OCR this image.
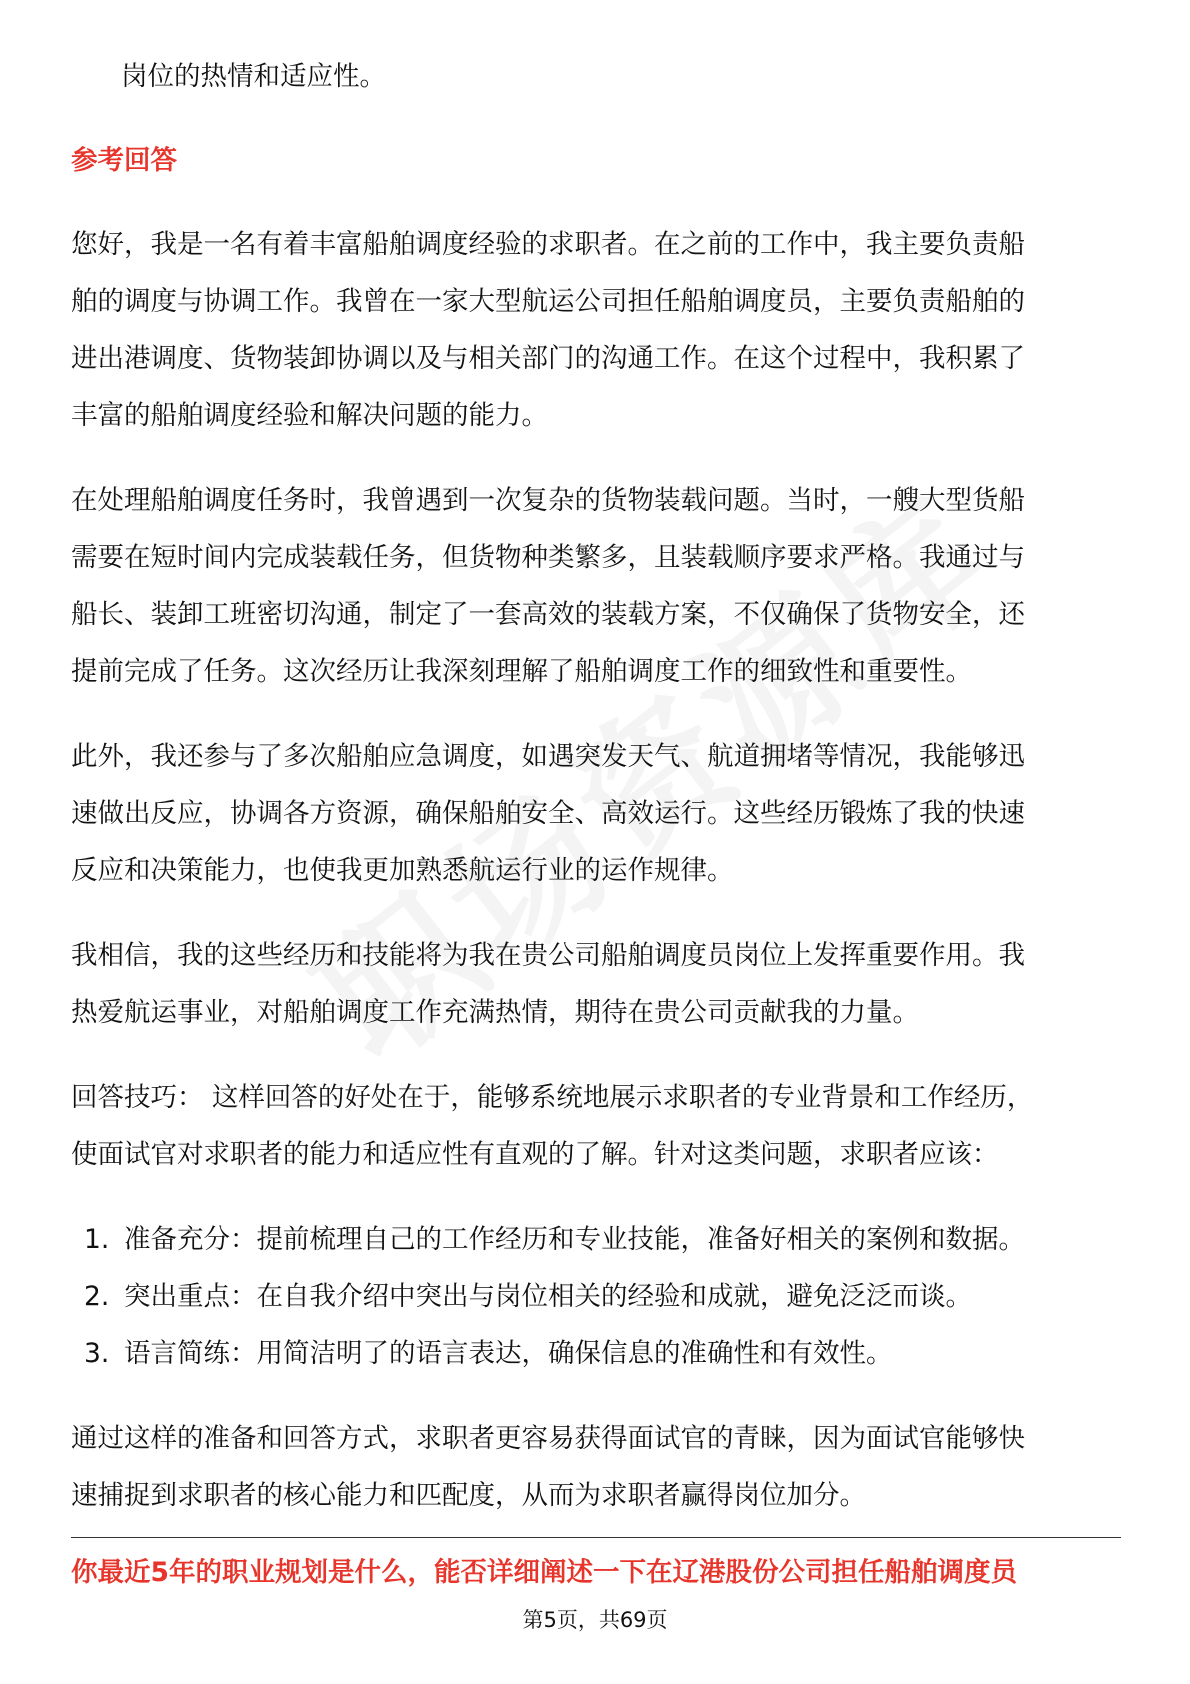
岗位的热情和适应性。
参考回答
您好，我是一名有着丰富船舶调度经验的求职者。在之前的工作中，我主要负责船
舶的调度与协调工作。我曾在一家大型航运公司担任船舶调度员，主要负责船舶的
进出港调度、货物装卸协调以及与相关部门的沟通工作。在这个过程中，我积累了
丰富的船舶调度经验和解决问题的能力。
在处理船舶调度任务时，我曾遇到一次复杂的货物装载问题。当时，一艘大型货船
需要在短时间内完成装载任务，但货物种类繁多，且装载顺序要求严格。我通过与
船长、装卸工班密切沟通，制定了一套高效的装载方案，不仅确保了货物安全，还
提前完成了任务。这次经历让我深刻理解了船舶调度工作的细致性和重要性。
此外，我还参与了多次船舶应急调度，如遇突发天气、航道拥堵等情况，我能够迅
速做出反应，协调各方资源，确保船舶安全、高效运行。这些经历锻炼了我的快速
反应和决策能力，也使我更加熟悉航运行业的运作规律。
我相信，我的这些经历和技能将为我在贵公司船舶调度员岗位上发挥重要作用。我
热爱航运事业，对船舶调度工作充满热情，期待在贵公司贡献我的力量。
回答技巧： 这样回答的好处在于，能够系统地展示求职者的专业背景和工作经历，
使面试官对求职者的能力和适应性有直观的了解。针对这类问题，求职者应该：
1. 准备充分：提前梳理自己的工作经历和专业技能，准备好相关的案例和数据。
2. 突出重点：在自我介绍中突出与岗位相关的经验和成就，避免泛泛而谈。
3. 语言简练：用简洁明了的语言表达，确保信息的准确性和有效性。
通过这样的准备和回答方式，求职者更容易获得面试官的青睐，因为面试官能够快
速捕捉到求职者的核心能力和匹配度，从而为求职者赢得岗位加分。
你最近5年的职业规划是什么，能否详细阐述一下在辽港股份公司担任船舶调度员
第5页，共69页
